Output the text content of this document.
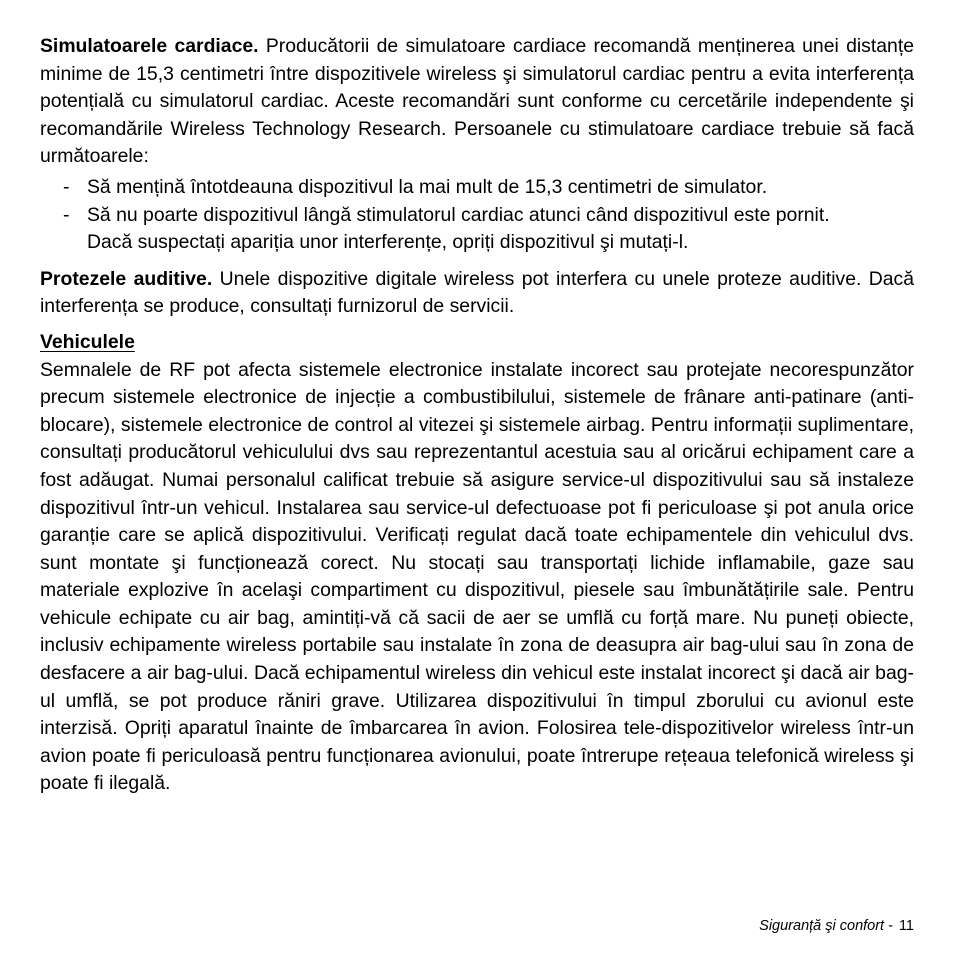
Simulatoarele cardiace. Producătorii de simulatoare cardiace recomandă menținerea unei distanțe minime de 15,3 centimetri între dispozitivele wireless şi simulatorul cardiac pentru a evita interferența potențială cu simulatorul cardiac. Aceste recomandări sunt conforme cu cercetările independente şi recomandările Wireless Technology Research. Persoanele cu stimulatoare cardiace trebuie să facă următoarele:

- Să mențină întotdeauna dispozitivul la mai mult de 15,3 centimetri de simulator.
- Să nu poarte dispozitivul lângă stimulatorul cardiac atunci când dispozitivul este pornit.

Dacă suspectați apariția unor interferențe, opriți dispozitivul şi mutați-l.

Protezele auditive. Unele dispozitive digitale wireless pot interfera cu unele proteze auditive. Dacă interferența se produce, consultați furnizorul de servicii.

Vehiculele

Semnalele de RF pot afecta sistemele electronice instalate incorect sau protejate necorespunzător precum sistemele electronice de injecție a combustibilului, sistemele de frânare anti-patinare (anti-blocare), sistemele electronice de control al vitezei şi sistemele airbag. Pentru informații suplimentare, consultați producătorul vehiculului dvs sau reprezentantul acestuia sau al oricărui echipament care a fost adăugat. Numai personalul calificat trebuie să asigure service-ul dispozitivului sau să instaleze dispozitivul într-un vehicul. Instalarea sau service-ul defectuoase pot fi periculoase şi pot anula orice garanție care se aplică dispozitivului. Verificați regulat dacă toate echipamentele din vehiculul dvs. sunt montate şi funcționează corect. Nu stocați sau transportați lichide inflamabile, gaze sau materiale explozive în acelaşi compartiment cu dispozitivul, piesele sau îmbunătățirile sale. Pentru vehicule echipate cu air bag, amintiți-vă că sacii de aer se umflă cu forță mare. Nu puneți obiecte, inclusiv echipamente wireless portabile sau instalate în zona de deasupra air bag-ului sau în zona de desfacere a air bag-ului. Dacă echipamentul wireless din vehicul este instalat incorect şi dacă air bag-ul umflă, se pot produce răniri grave. Utilizarea dispozitivului în timpul zborului cu avionul este interzisă. Opriți aparatul înainte de îmbarcarea în avion. Folosirea tele-dispozitivelor wireless într-un avion poate fi periculoasă pentru funcționarea avionului, poate întrerupe rețeaua telefonică wireless şi poate fi ilegală.

Siguranță şi confort - 11
